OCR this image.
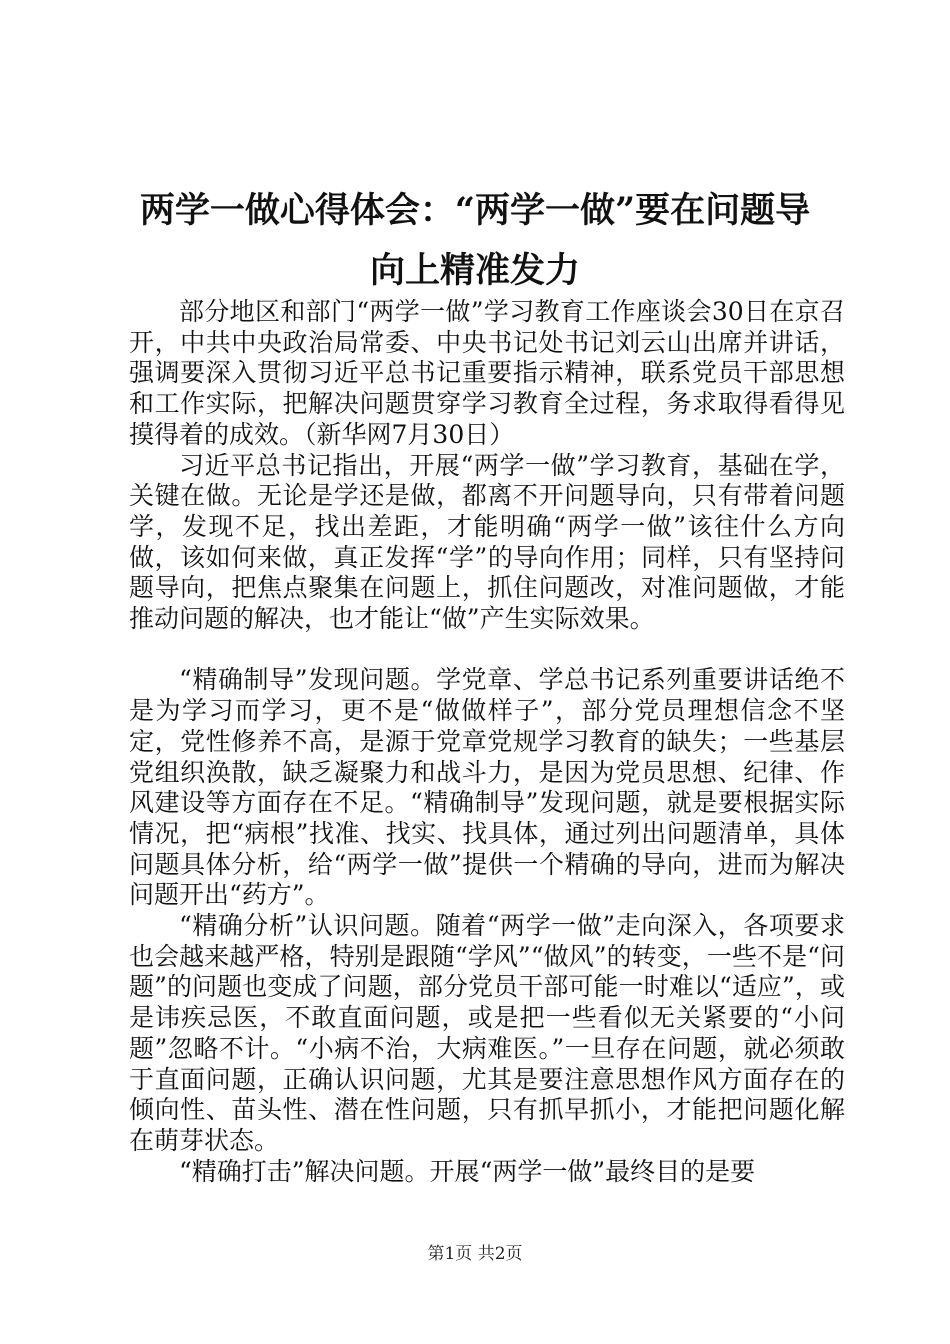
两学一做心得体会：“两学一做”要在问题导
向上精准发力

部分地区和部门“两学一做”学习教育工作座谈会30日在京召开，中共中央政治局常委、中央书记处书记刘云山出席并讲话，强调要深入贯彻习近平总书记重要指示精神，联系党员干部思想和工作实际，把解决问题贯穿学习教育全过程，务求取得看得见摸得着的成效。（新华网7月30日）

习近平总书记指出，开展“两学一做”学习教育，基础在学，关键在做。无论是学还是做，都离不开问题导向，只有带着问题学，发现不足，找出差距，才能明确“两学一做”该往什么方向做，该如何来做，真正发挥“学”的导向作用；同样，只有坚持问题导向，把焦点聚集在问题上，抓住问题改，对准问题做，才能推动问题的解决，也才能让“做”产生实际效果。

“精确制导”发现问题。学党章、学总书记系列重要讲话绝不是为学习而学习，更不是“做做样子”，部分党员理想信念不坚定，党性修养不高，是源于党章党规学习教育的缺失；一些基层党组织涣散，缺乏凝聚力和战斗力，是因为党员思想、纪律、作风建设等方面存在不足。“精确制导”发现问题，就是要根据实际情况，把“病根”找准、找实、找具体，通过列出问题清单，具体问题具体分析，给“两学一做”提供一个精确的导向，进而为解决问题开出“药方”。

“精确分析”认识问题。随着“两学一做”走向深入，各项要求也会越来越严格，特别是跟随“学风”“做风”的转变，一些不是“问题”的问题也变成了问题，部分党员干部可能一时难以“适应”，或是讳疾忌医，不敢直面问题，或是把一些看似无关紧要的“小问题”忽略不计。“小病不治，大病难医。”一旦存在问题，就必须敢于直面问题，正确认识问题，尤其是要注意思想作风方面存在的倾向性、苗头性、潜在性问题，只有抓早抓小，才能把问题化解在萌芽状态。

“精确打击”解决问题。开展“两学一做”最终目的是要

第1页 共2页
